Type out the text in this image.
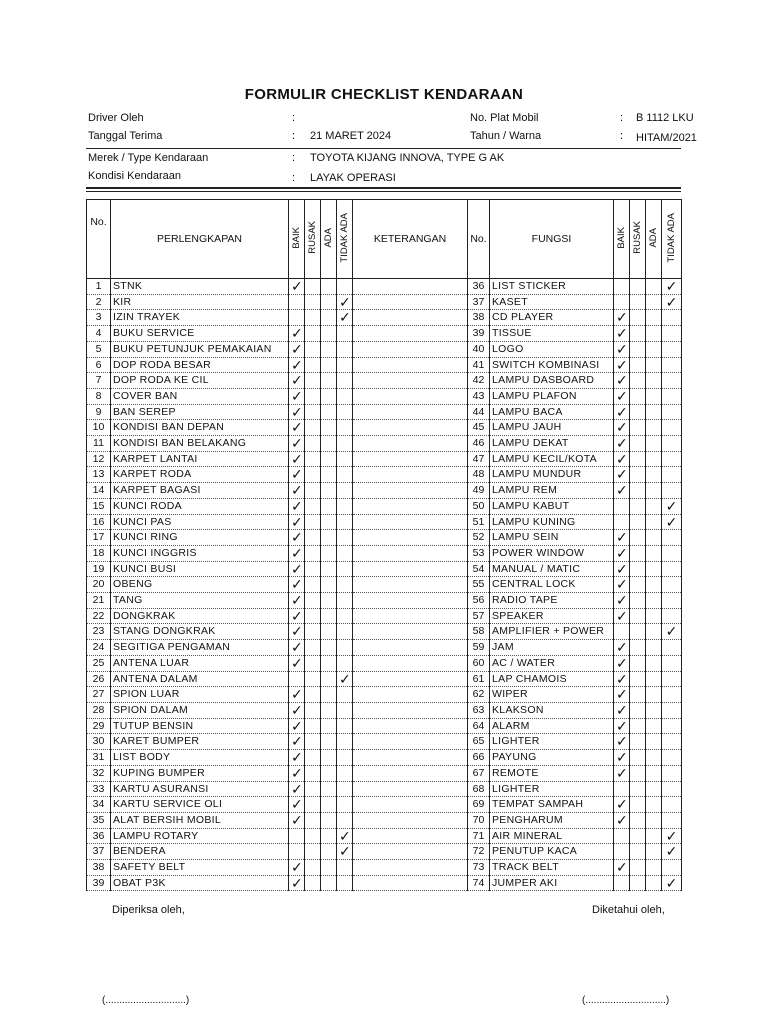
FORMULIR CHECKLIST KENDARAAN
Driver Oleh	:
Tanggal Terima	: 21 MARET 2024
No. Plat Mobil	: B 1112 LKU
Tahun / Warna	: HITAM/2021
Merek / Type Kendaraan	: TOYOTA KIJANG INNOVA, TYPE G AK
Kondisi Kendaraan	: LAYAK OPERASI
No.	PERLENGKAPAN	BAIK	RUSAK	ADA	TIDAK ADA	KETERANGAN	No.	FUNGSI	BAIK	RUSAK	ADA	TIDAK ADA
1	STNK	✓					36	LIST STICKER				✓
2	KIR				✓		37	KASET				✓
3	IZIN TRAYEK				✓		38	CD PLAYER	✓			
4	BUKU SERVICE	✓					39	TISSUE	✓			
5	BUKU PETUNJUK PEMAKAIAN	✓					40	LOGO	✓			
6	DOP RODA BESAR	✓					41	SWITCH KOMBINASI	✓			
7	DOP RODA KE CIL	✓					42	LAMPU DASBOARD	✓			
8	COVER BAN	✓					43	LAMPU PLAFON	✓			
9	BAN SEREP	✓					44	LAMPU BACA	✓			
10	KONDISI BAN DEPAN	✓					45	LAMPU JAUH	✓			
11	KONDISI BAN BELAKANG	✓					46	LAMPU DEKAT	✓			
12	KARPET LANTAI	✓					47	LAMPU KECIL/KOTA	✓			
13	KARPET RODA	✓					48	LAMPU MUNDUR	✓			
14	KARPET BAGASI	✓					49	LAMPU REM	✓			
15	KUNCI RODA	✓					50	LAMPU KABUT				✓
16	KUNCI PAS	✓					51	LAMPU KUNING				✓
17	KUNCI RING	✓					52	LAMPU SEIN	✓			
18	KUNCI INGGRIS	✓					53	POWER WINDOW	✓			
19	KUNCI BUSI	✓					54	MANUAL / MATIC	✓			
20	OBENG	✓					55	CENTRAL LOCK	✓			
21	TANG	✓					56	RADIO TAPE	✓			
22	DONGKRAK	✓					57	SPEAKER	✓			
23	STANG DONGKRAK	✓					58	AMPLIFIER + POWER				✓
24	SEGITIGA PENGAMAN	✓					59	JAM	✓			
25	ANTENA LUAR	✓					60	AC / WATER	✓			
26	ANTENA DALAM				✓		61	LAP CHAMOIS	✓			
27	SPION LUAR	✓					62	WIPER	✓			
28	SPION DALAM	✓					63	KLAKSON	✓			
29	TUTUP BENSIN	✓					64	ALARM	✓			
30	KARET BUMPER	✓					65	LIGHTER	✓			
31	LIST BODY	✓					66	PAYUNG	✓			
32	KUPING BUMPER	✓					67	REMOTE	✓			
33	KARTU ASURANSI	✓					68	LIGHTER				
34	KARTU SERVICE OLI	✓					69	TEMPAT SAMPAH	✓			
35	ALAT BERSIH MOBIL	✓					70	PENGHARUM	✓			
36	LAMPU ROTARY				✓		71	AIR MINERAL				✓
37	BENDERA				✓		72	PENUTUP KACA				✓
38	SAFETY BELT	✓					73	TRACK BELT	✓			
39	OBAT P3K	✓					74	JUMPER AKI				✓
Diperiksa oleh,	Diketahui oleh,
(.............................)	(.............................)
